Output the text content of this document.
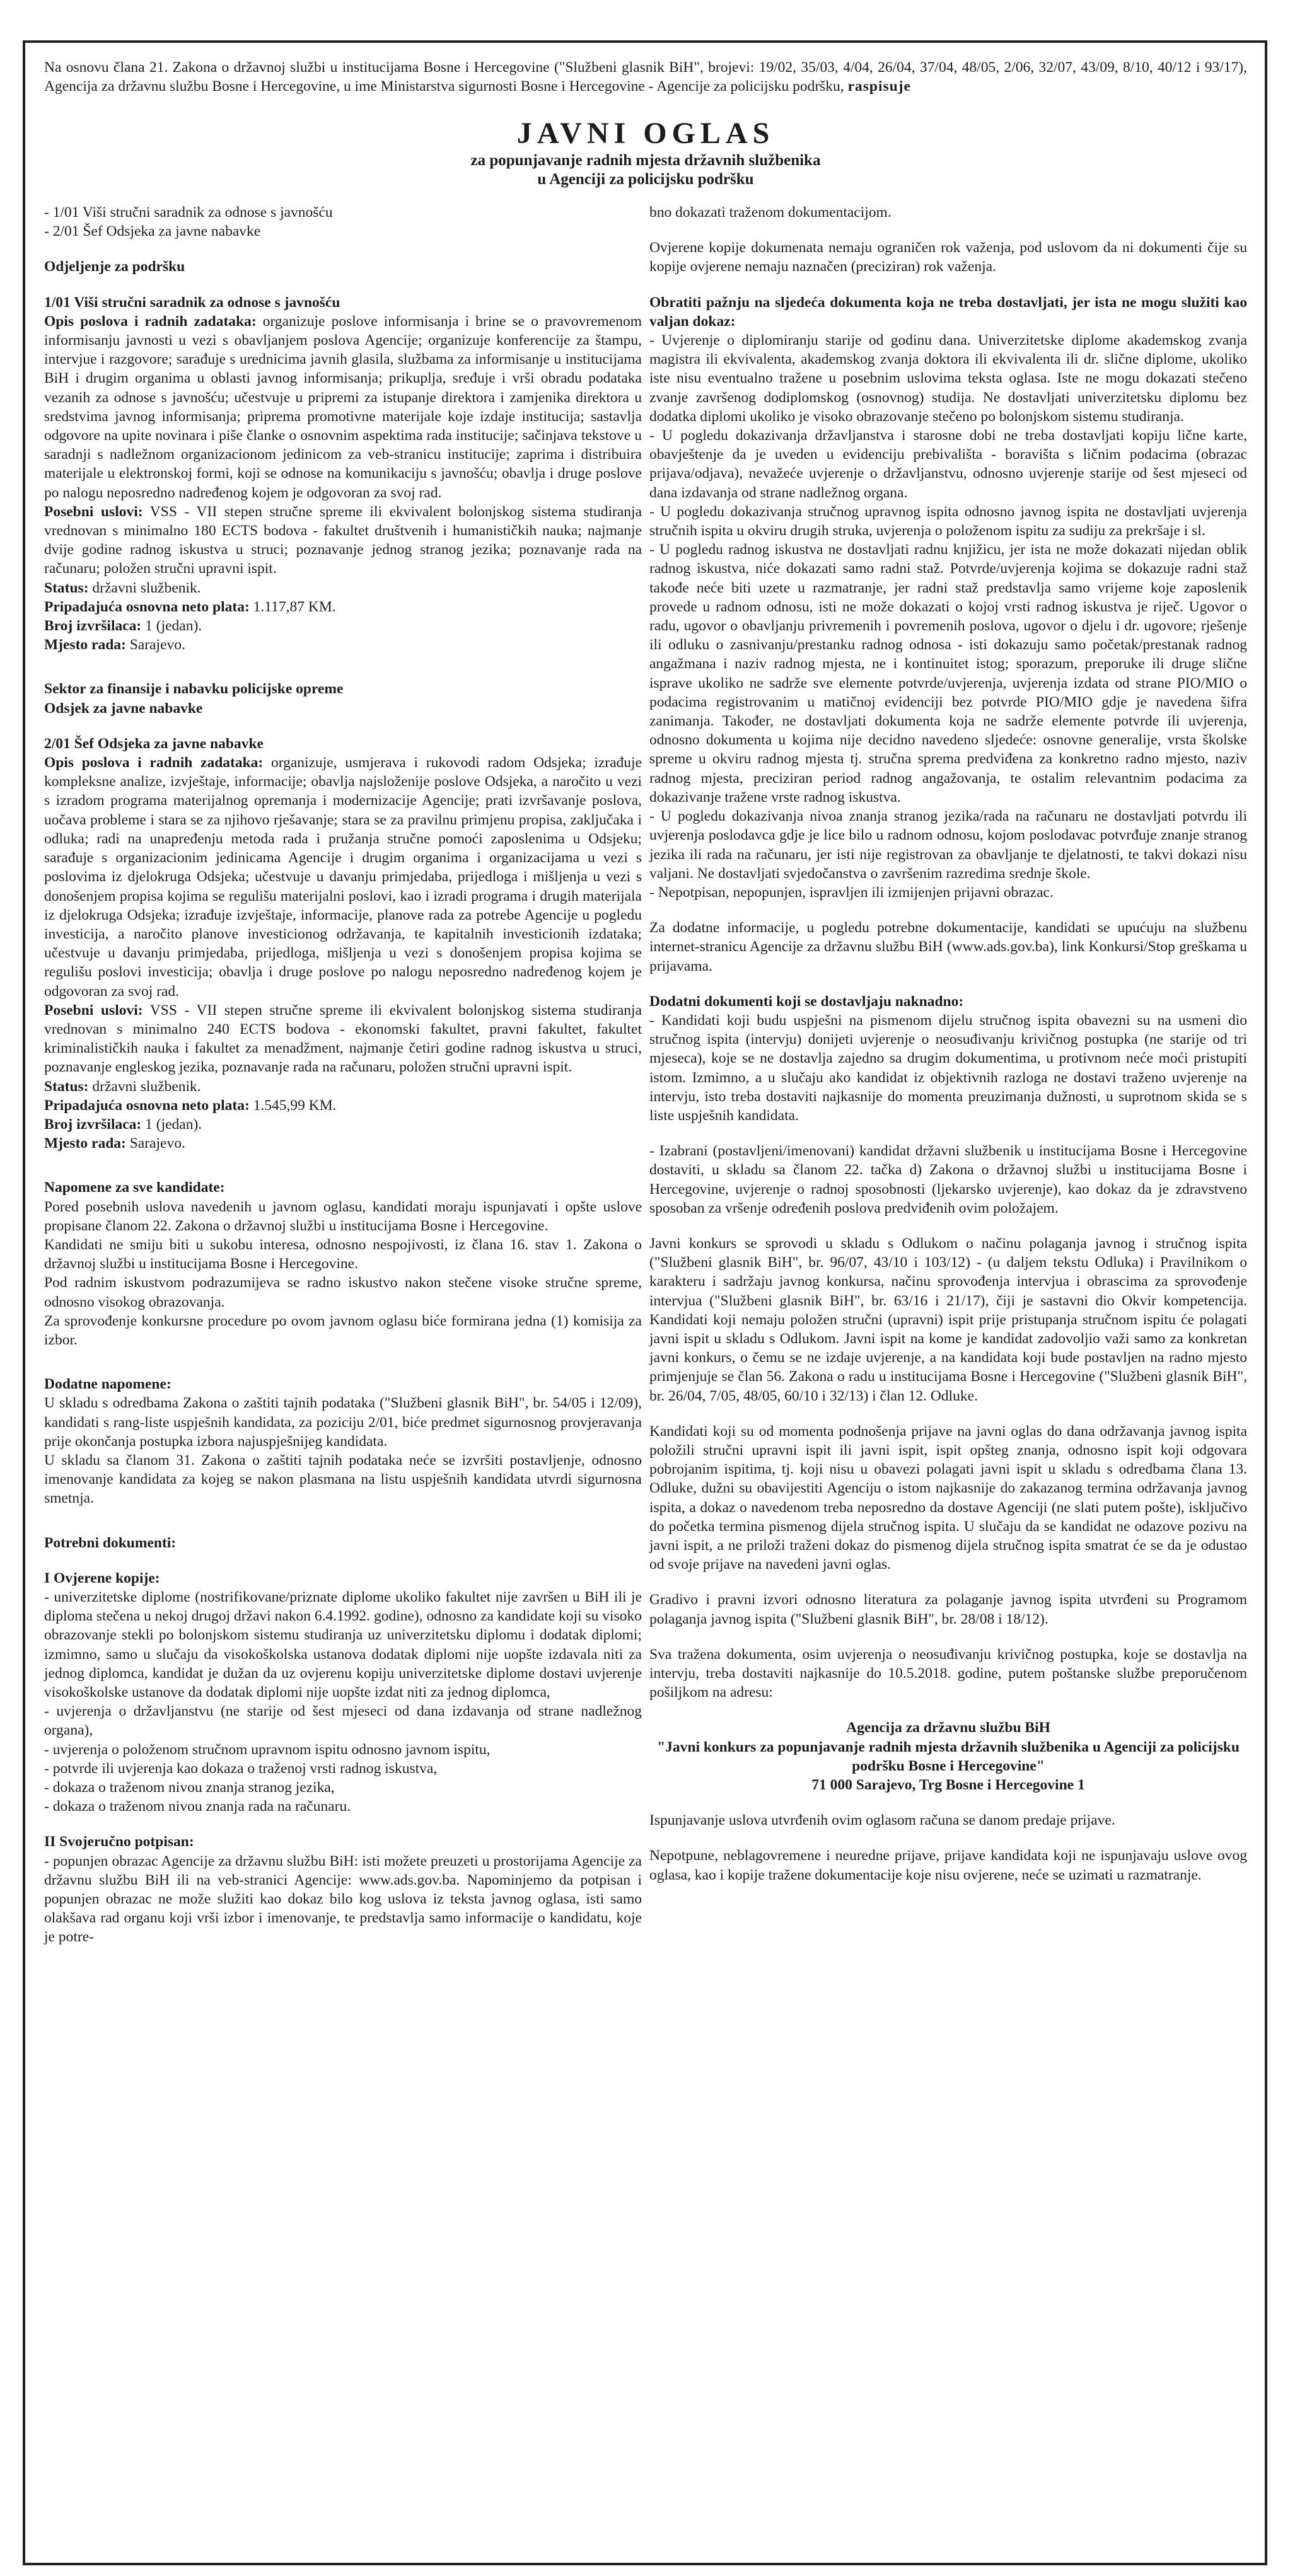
Na osnovu člana 21. Zakona o državnoj službi u institucijama Bosne i Hercegovine ("Službeni glasnik BiH", brojevi: 19/02, 35/03, 4/04, 26/04, 37/04, 48/05, 2/06, 32/07, 43/09, 8/10, 40/12 i 93/17), Agencija za državnu službu Bosne i Hercegovine, u ime Ministarstva sigurnosti Bosne i Hercegovine - Agencije za policijsku podršku, raspisuje

JAVNI OGLAS
za popunjavanje radnih mjesta državnih službenika
u Agenciji za policijsku podršku

- 1/01 Viši stručni saradnik za odnose s javnošću

- 2/01 Šef Odsjeka za javne nabavke

Odjeljenje za podršku

1/01 Viši stručni saradnik za odnose s javnošću

Opis poslova i radnih zadataka: organizuje poslove informisanja i brine se o pravovremenom informisanju javnosti u vezi s obavljanjem poslova Agencije; organizuje konferencije za štampu, intervjue i razgovore; sarađuje s urednicima javnih glasila, službama za informisanje u institucijama BiH i drugim organima u oblasti javnog informisanja; prikuplja, sređuje i vrši obradu podataka vezanih za odnose s javnošću; učestvuje u pripremi za istupanje direktora i zamjenika direktora u sredstvima javnog informisanja; priprema promotivne materijale koje izdaje institucija; sastavlja odgovore na upite novinara i piše članke o osnovnim aspektima rada institucije; sačinjava tekstove u saradnji s nadležnom organizacionom jedinicom za veb-stranicu institucije; zaprima i distribuira materijale u elektronskoj formi, koji se odnose na komunikaciju s javnošću; obavlja i druge poslove po nalogu neposredno nadređenog kojem je odgovoran za svoj rad.

Posebni uslovi: VSS - VII stepen stručne spreme ili ekvivalent bolonjskog sistema studiranja vrednovan s minimalno 180 ECTS bodova - fakultet društvenih i humanističkih nauka; najmanje dvije godine radnog iskustva u struci; poznavanje jednog stranog jezika; poznavanje rada na računaru; položen stručni upravni ispit.

Status: državni službenik.

Pripadajuća osnovna neto plata: 1.117,87 KM.

Broj izvršilaca: 1 (jedan).

Mjesto rada: Sarajevo.

Sektor za finansije i nabavku policijske opreme

Odsjek za javne nabavke

2/01 Šef Odsjeka za javne nabavke

Opis poslova i radnih zadataka: organizuje, usmjerava i rukovodi radom Odsjeka; izrađuje kompleksne analize, izvještaje, informacije; obavlja najsloženije poslove Odsjeka, a naročito u vezi s izradom programa materijalnog opremanja i modernizacije Agencije; prati izvršavanje poslova, uočava probleme i stara se za njihovo rješavanje; stara se za pravilnu primjenu propisa, zaključaka i odluka; radi na unapređenju metoda rada i pružanja stručne pomoći zaposlenima u Odsjeku; sarađuje s organizacionim jedinicama Agencije i drugim organima i organizacijama u vezi s poslovima iz djelokruga Odsjeka; učestvuje u davanju primjedaba, prijedloga i mišljenja u vezi s donošenjem propisa kojima se regulišu materijalni poslovi, kao i izradi programa i drugih materijala iz djelokruga Odsjeka; izrađuje izvještaje, informacije, planove rada za potrebe Agencije u pogledu investicija, a naročito planove investicionog održavanja, te kapitalnih investicionih izdataka; učestvuje u davanju primjedaba, prijedloga, mišljenja u vezi s donošenjem propisa kojima se regulišu poslovi investicija; obavlja i druge poslove po nalogu neposredno nadređenog kojem je odgovoran za svoj rad.

Posebni uslovi: VSS - VII stepen stručne spreme ili ekvivalent bolonjskog sistema studiranja vrednovan s minimalno 240 ECTS bodova - ekonomski fakultet, pravni fakultet, fakultet kriminalističkih nauka i fakultet za menadžment, najmanje četiri godine radnog iskustva u struci, poznavanje engleskog jezika, poznavanje rada na računaru, položen stručni upravni ispit.

Status: državni službenik.

Pripadajuća osnovna neto plata: 1.545,99 KM.

Broj izvršilaca: 1 (jedan).

Mjesto rada: Sarajevo.

Napomene za sve kandidate:

Pored posebnih uslova navedenih u javnom oglasu, kandidati moraju ispunjavati i opšte uslove propisane članom 22. Zakona o državnoj službi u institucijama Bosne i Hercegovine.

Kandidati ne smiju biti u sukobu interesa, odnosno nespojivosti, iz člana 16. stav 1. Zakona o državnoj službi u institucijama Bosne i Hercegovine.

Pod radnim iskustvom podrazumijeva se radno iskustvo nakon stečene visoke stručne spreme, odnosno visokog obrazovanja.

Za sprovođenje konkursne procedure po ovom javnom oglasu biće formirana jedna (1) komisija za izbor.

Dodatne napomene:

U skladu s odredbama Zakona o zaštiti tajnih podataka ("Službeni glasnik BiH", br. 54/05 i 12/09), kandidati s rang-liste uspješnih kandidata, za poziciju 2/01, biće predmet sigurnosnog provjeravanja prije okončanja postupka izbora najuspješnijeg kandidata.

U skladu sa članom 31. Zakona o zaštiti tajnih podataka neće se izvršiti postavljenje, odnosno imenovanje kandidata za kojeg se nakon plasmana na listu uspješnih kandidata utvrdi sigurnosna smetnja.

Potrebni dokumenti:

I Ovjerene kopije:

- univerzitetske diplome (nostrifikovane/priznate diplome ukoliko fakultet nije završen u BiH ili je diploma stečena u nekoj drugoj državi nakon 6.4.1992. godine), odnosno za kandidate koji su visoko obrazovanje stekli po bolonjskom sistemu studiranja uz univerzitetsku diplomu i dodatak diplomi; izmimno, samo u slučaju da visokoškolska ustanova dodatak diplomi nije uopšte izdavala niti za jednog diplomca, kandidat je dužan da uz ovjerenu kopiju univerzitetske diplome dostavi uvjerenje visokoškolske ustanove da dodatak diplomi nije uopšte izdat niti za jednog diplomca,

- uvjerenja o državljanstvu (ne starije od šest mjeseci od dana izdavanja od strane nadležnog organa),

- uvjerenja o položenom stručnom upravnom ispitu odnosno javnom ispitu,

- potvrde ili uvjerenja kao dokaza o traženoj vrsti radnog iskustva,

- dokaza o traženom nivou znanja stranog jezika,

- dokaza o traženom nivou znanja rada na računaru.

II Svojeručno potpisan:

- popunjen obrazac Agencije za državnu službu BiH: isti možete preuzeti u prostorijama Agencije za državnu službu BiH ili na veb-stranici Agencije: www.ads.gov.ba. Napominjemo da potpisan i popunjen obrazac ne može služiti kao dokaz bilo kog uslova iz teksta javnog oglasa, isti samo olakšava rad organu koji vrši izbor i imenovanje, te predstavlja samo informacije o kandidatu, koje je potre-

bno dokazati traženom dokumentacijom.

Ovjerene kopije dokumenata nemaju ograničen rok važenja, pod uslovom da ni dokumenti čije su kopije ovjerene nemaju naznačen (preciziran) rok važenja.

Obratiti pažnju na sljedeća dokumenta koja ne treba dostavljati, jer ista ne mogu služiti kao valjan dokaz:

- Uvjerenje o diplomiranju starije od godinu dana. Univerzitetske diplome akademskog zvanja magistra ili ekvivalenta, akademskog zvanja doktora ili ekvivalenta ili dr. slične diplome, ukoliko iste nisu eventualno tražene u posebnim uslovima teksta oglasa. Iste ne mogu dokazati stečeno zvanje završenog dodiplomskog (osnovnog) studija. Ne dostavljati univerzitetsku diplomu bez dodatka diplomi ukoliko je visoko obrazovanje stečeno po bolonjskom sistemu studiranja.

- U pogledu dokazivanja državljanstva i starosne dobi ne treba dostavljati kopiju lične karte, obavještenje da je uveden u evidenciju prebivališta - boravišta s ličnim podacima (obrazac prijava/odjava), nevažeće uvjerenje o državljanstvu, odnosno uvjerenje starije od šest mjeseci od dana izdavanja od strane nadležnog organa.

- U pogledu dokazivanja stručnog upravnog ispita odnosno javnog ispita ne dostavljati uvjerenja stručnih ispita u okviru drugih struka, uvjerenja o položenom ispitu za sudiju za prekršaje i sl.

- U pogledu radnog iskustva ne dostavljati radnu knjižicu, jer ista ne može dokazati nijedan oblik radnog iskustva, niće dokazati samo radni staž. Potvrde/uvjerenja kojima se dokazuje radni staž takođe neće biti uzete u razmatranje, jer radni staž predstavlja samo vrijeme koje zaposlenik provede u radnom odnosu, isti ne može dokazati o kojoj vrsti radnog iskustva je riječ. Ugovor o radu, ugovor o obavljanju privremenih i povremenih poslova, ugovor o djelu i dr. ugovore; rješenje ili odluku o zasnivanju/prestanku radnog odnosa - isti dokazuju samo početak/prestanak radnog angažmana i naziv radnog mjesta, ne i kontinuitet istog; sporazum, preporuke ili druge slične isprave ukoliko ne sadrže sve elemente potvrde/uvjerenja, uvjerenja izdata od strane PIO/MIO o podacima registrovanim u matičnoj evidenciji bez potvrde PIO/MIO gdje je navedena šifra zanimanja. Također, ne dostavljati dokumenta koja ne sadrže elemente potvrde ili uvjerenja, odnosno dokumenta u kojima nije decidno navedeno sljedeće: osnovne generalije, vrsta školske spreme u okviru radnog mjesta tj. stručna sprema predviđena za konkretno radno mjesto, naziv radnog mjesta, preciziran period radnog angažovanja, te ostalim relevantnim podacima za dokazivanje tražene vrste radnog iskustva.

- U pogledu dokazivanja nivoa znanja stranog jezika/rada na računaru ne dostavljati potvrdu ili uvjerenja poslodavca gdje je lice bilo u radnom odnosu, kojom poslodavac potvrđuje znanje stranog jezika ili rada na računaru, jer isti nije registrovan za obavljanje te djelatnosti, te takvi dokazi nisu valjani. Ne dostavljati svjedočanstva o završenim razredima srednje škole.

- Nepotpisan, nepopunjen, ispravljen ili izmijenjen prijavni obrazac.

Za dodatne informacije, u pogledu potrebne dokumentacije, kandidati se upućuju na službenu internet-stranicu Agencije za državnu službu BiH (www.ads.gov.ba), link Konkursi/Stop greškama u prijavama.

Dodatni dokumenti koji se dostavljaju naknadno:

- Kandidati koji budu uspješni na pismenom dijelu stručnog ispita obavezni su na usmeni dio stručnog ispita (intervju) donijeti uvjerenje o neosuđivanju krivičnog postupka (ne starije od tri mjeseca), koje se ne dostavlja zajedno sa drugim dokumentima, u protivnom neće moći pristupiti istom. Izmimno, a u slučaju ako kandidat iz objektivnih razloga ne dostavi traženo uvjerenje na intervju, isto treba dostaviti najkasnije do momenta preuzimanja dužnosti, u suprotnom skida se s liste uspješnih kandidata.

- Izabrani (postavljeni/imenovani) kandidat državni službenik u institucijama Bosne i Hercegovine dostaviti, u skladu sa članom 22. tačka d) Zakona o državnoj službi u institucijama Bosne i Hercegovine, uvjerenje o radnoj sposobnosti (ljekarsko uvjerenje), kao dokaz da je zdravstveno sposoban za vršenje određenih poslova predviđenih ovim položajem.

Javni konkurs se sprovodi u skladu s Odlukom o načinu polaganja javnog i stručnog ispita ("Službeni glasnik BiH", br. 96/07, 43/10 i 103/12) - (u daljem tekstu Odluka) i Pravilnikom o karakteru i sadržaju javnog konkursa, načinu sprovođenja intervjua i obrascima za sprovođenje intervjua ("Službeni glasnik BiH", br. 63/16 i 21/17), čiji je sastavni dio Okvir kompetencija. Kandidati koji nemaju položen stručni (upravni) ispit prije pristupanja stručnom ispitu će polagati javni ispit u skladu s Odlukom. Javni ispit na kome je kandidat zadovoljio važi samo za konkretan javni konkurs, o čemu se ne izdaje uvjerenje, a na kandidata koji bude postavljen na radno mjesto primjenjuje se član 56. Zakona o radu u institucijama Bosne i Hercegovine ("Službeni glasnik BiH", br. 26/04, 7/05, 48/05, 60/10 i 32/13) i član 12. Odluke.

Kandidati koji su od momenta podnošenja prijave na javni oglas do dana održavanja javnog ispita položili stručni upravni ispit ili javni ispit, ispit opšteg znanja, odnosno ispit koji odgovara pobrojanim ispitima, tj. koji nisu u obavezi polagati javni ispit u skladu s odredbama člana 13. Odluke, dužni su obavijestiti Agenciju o istom najkasnije do zakazanog termina održavanja javnog ispita, a dokaz o navedenom treba neposredno da dostave Agenciji (ne slati putem pošte), isključivo do početka termina pismenog dijela stručnog ispita. U slučaju da se kandidat ne odazove pozivu na javni ispit, a ne priloži traženi dokaz do pismenog dijela stručnog ispita smatrat će se da je odustao od svoje prijave na navedeni javni oglas.

Gradivo i pravni izvori odnosno literatura za polaganje javnog ispita utvrđeni su Programom polaganja javnog ispita ("Službeni glasnik BiH", br. 28/08 i 18/12).

Sva tražena dokumenta, osim uvjerenja o neosuđivanju krivičnog postupka, koje se dostavlja na intervju, treba dostaviti najkasnije do 10.5.2018. godine, putem poštanske službe preporučenom pošiljkom na adresu:

Agencija za državnu službu BiH

"Javni konkurs za popunjavanje radnih mjesta državnih službenika u Agenciji za policijsku podršku Bosne i Hercegovine"

71 000 Sarajevo, Trg Bosne i Hercegovine 1

Ispunjavanje uslova utvrđenih ovim oglasom računa se danom predaje prijave.

Nepotpune, neblagovremene i neuredne prijave, prijave kandidata koji ne ispunjavaju uslove ovog oglasa, kao i kopije tražene dokumentacije koje nisu ovjerene, neće se uzimati u razmatranje.
